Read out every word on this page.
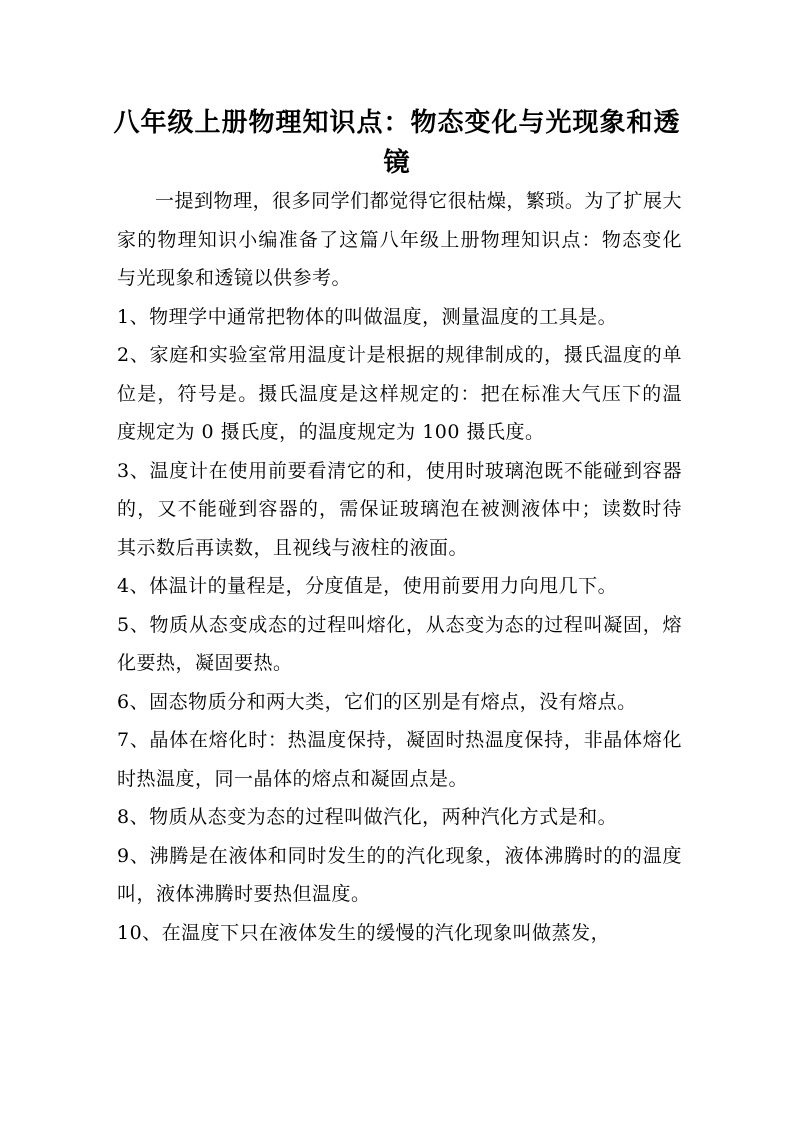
八年级上册物理知识点：物态变化与光现象和透
镜

一提到物理，很多同学们都觉得它很枯燥，繁琐。为了扩展大家的物理知识小编准备了这篇八年级上册物理知识点：物态变化与光现象和透镜以供参考。

1、物理学中通常把物体的叫做温度，测量温度的工具是。

2、家庭和实验室常用温度计是根据的规律制成的，摄氏温度的单位是，符号是。摄氏温度是这样规定的：把在标准大气压下的温度规定为 0 摄氏度，的温度规定为 100 摄氏度。

3、温度计在使用前要看清它的和，使用时玻璃泡既不能碰到容器的，又不能碰到容器的，需保证玻璃泡在被测液体中；读数时待其示数后再读数，且视线与液柱的液面。

4、体温计的量程是，分度值是，使用前要用力向甩几下。

5、物质从态变成态的过程叫熔化，从态变为态的过程叫凝固，熔化要热，凝固要热。

6、固态物质分和两大类，它们的区别是有熔点，没有熔点。

7、晶体在熔化时：热温度保持，凝固时热温度保持，非晶体熔化时热温度，同一晶体的熔点和凝固点是。

8、物质从态变为态的过程叫做汽化，两种汽化方式是和。

9、沸腾是在液体和同时发生的的汽化现象，液体沸腾时的的温度叫，液体沸腾时要热但温度。

10、在温度下只在液体发生的缓慢的汽化现象叫做蒸发，
